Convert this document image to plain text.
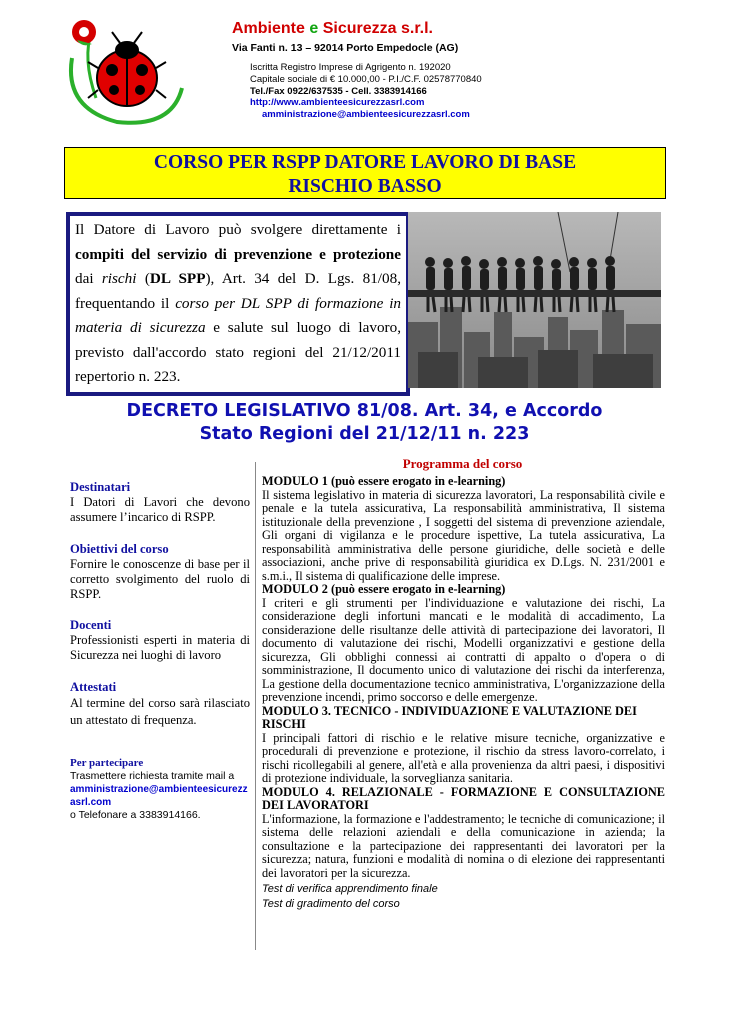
Ambiente e Sicurezza s.r.l.
Via Fanti n. 13 – 92014 Porto Empedocle (AG)
Iscritta Registro Imprese di Agrigento n. 192020
Capitale sociale di € 10.000,00 - P.I./C.F. 02578770840
Tel./Fax 0922/637535 - Cell. 3383914166
http://www.ambienteesicurezzasrl.com
amministrazione@ambienteesicurezzasrl.com
CORSO PER RSPP DATORE LAVORO DI BASE
RISCHIO BASSO
Il Datore di Lavoro può svolgere direttamente i compiti del servizio di prevenzione e protezione dai rischi (DL SPP), Art. 34 del D. Lgs. 81/08, frequentando il corso per DL SPP di formazione in materia di sicurezza e salute sul luogo di lavoro, previsto dall'accordo stato regioni del 21/12/2011 repertorio n. 223.
DECRETO LEGISLATIVO 81/08. Art. 34, e Accordo
Stato Regioni del 21/12/11 n. 223
Destinatari
I Datori di Lavori che devono assumere l’incarico di RSPP.
Obiettivi del corso
Fornire le conoscenze di base per il corretto svolgimento del ruolo di RSPP.
Docenti
Professionisti esperti in materia di Sicurezza nei luoghi di lavoro
Attestati
Al termine del corso sarà rilasciato un attestato di frequenza.
Per partecipare
Trasmettere richiesta tramite mail a
amministrazione@ambienteesicurezzasrl.com
o Telefonare a 3383914166.
Programma del corso
MODULO 1 (può essere erogato in e-learning)
Il sistema legislativo in materia di sicurezza lavoratori, La responsabilità civile e penale e la tutela assicurativa, La responsabilità amministrativa, Il sistema istituzionale della prevenzione , I soggetti del sistema di prevenzione aziendale, Gli organi di vigilanza e le procedure ispettive, La tutela assicurativa, La responsabilità amministrativa delle persone giuridiche, delle società e delle associazioni, anche prive di responsabilità giuridica ex D.Lgs. N. 231/2001 e s.m.i., Il sistema di qualificazione delle imprese.
MODULO 2 (può essere erogato in e-learning)
I criteri e gli strumenti per l'individuazione e valutazione dei rischi, La considerazione degli infortuni mancati e le modalità di accadimento, La considerazione delle risultanze delle attività di partecipazione dei lavoratori, Il documento di valutazione dei rischi, Modelli organizzativi e gestione della sicurezza, Gli obblighi connessi ai contratti di appalto o d'opera o di somministrazione, Il documento unico di valutazione dei rischi da interferenza, La gestione della documentazione tecnico amministrativa, L'organizzazione della prevenzione incendi, primo soccorso e delle emergenze.
MODULO 3. TECNICO - INDIVIDUAZIONE E VALUTAZIONE DEI RISCHI
I principali fattori di rischio e le relative misure tecniche, organizzative e procedurali di prevenzione e protezione, il rischio da stress lavoro-correlato, i rischi ricollegabili al genere, all'età e alla provenienza da altri paesi, i dispositivi di protezione individuale, la sorveglianza sanitaria.
MODULO 4. RELAZIONALE - FORMAZIONE E CONSULTAZIONE DEI LAVORATORI
L'informazione, la formazione e l'addestramento; le tecniche di comunicazione; il sistema delle relazioni aziendali e della comunicazione in azienda; la consultazione e la partecipazione dei rappresentanti dei lavoratori per la sicurezza; natura, funzioni e modalità di nomina o di elezione dei rappresentanti dei lavoratori per la sicurezza.
Test di verifica apprendimento finale
Test di gradimento del corso
